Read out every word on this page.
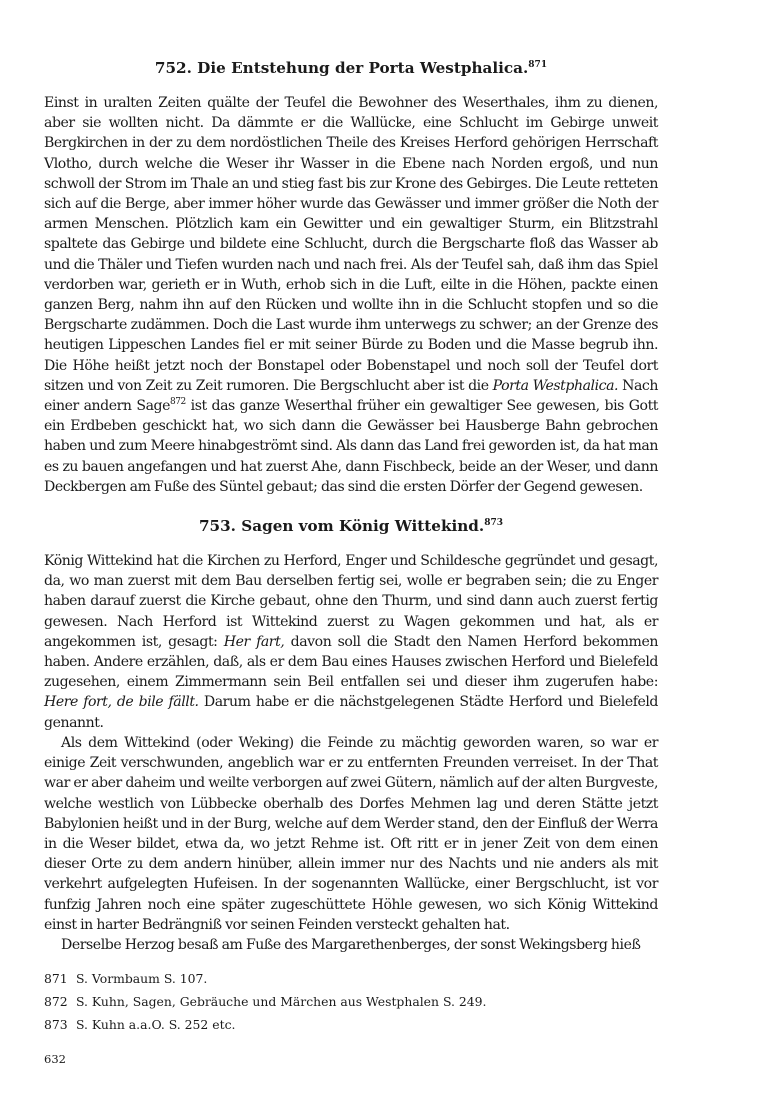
752. Die Entstehung der Porta Westphalica.$^{871}$

Einst in uralten Zeiten quälte der Teufel die Bewohner des Weserthales, ihm zu dienen, aber sie wollten nicht. Da dämmte er die Wallücke, eine Schlucht im Gebirge unweit Bergkirchen in der zu dem nordöstlichen Theile des Kreises Herford gehörigen Herrschaft Vlotho, durch welche die Weser ihr Wasser in die Ebene nach Norden ergoß, und nun schwoll der Strom im Thale an und stieg fast bis zur Krone des Gebirges. Die Leute retteten sich auf die Berge, aber immer höher wurde das Gewässer und immer größer die Noth der armen Menschen. Plötzlich kam ein Gewitter und ein gewaltiger Sturm, ein Blitzstrahl spaltete das Gebirge und bildete eine Schlucht, durch die Bergscharte floß das Wasser ab und die Thäler und Tiefen wurden nach und nach frei. Als der Teufel sah, daß ihm das Spiel verdorben war, gerieth er in Wuth, erhob sich in die Luft, eilte in die Höhen, packte einen ganzen Berg, nahm ihn auf den Rücken und wollte ihn in die Schlucht stopfen und so die Bergscharte zudämmen. Doch die Last wurde ihm unterwegs zu schwer; an der Grenze des heutigen Lippeschen Landes fiel er mit seiner Bürde zu Boden und die Masse begrub ihn. Die Höhe heißt jetzt noch der Bonstapel oder Bobenstapel und noch soll der Teufel dort sitzen und von Zeit zu Zeit rumoren. Die Bergschlucht aber ist die Porta Westphalica. Nach einer andern Sage$^{872}$ ist das ganze Weserthal früher ein gewaltiger See gewesen, bis Gott ein Erdbeben geschickt hat, wo sich dann die Gewässer bei Hausberge Bahn gebrochen haben und zum Meere hinabgeströmt sind. Als dann das Land frei geworden ist, da hat man es zu bauen angefangen und hat zuerst Ahe, dann Fischbeck, beide an der Weser, und dann Deckbergen am Fuße des Süntel gebaut; das sind die ersten Dörfer der Gegend gewesen.

753. Sagen vom König Wittekind.$^{873}$

König Wittekind hat die Kirchen zu Herford, Enger und Schildesche gegründet und gesagt, da, wo man zuerst mit dem Bau derselben fertig sei, wolle er begraben sein; die zu Enger haben darauf zuerst die Kirche gebaut, ohne den Thurm, und sind dann auch zuerst fertig gewesen. Nach Herford ist Wittekind zuerst zu Wagen gekommen und hat, als er angekommen ist, gesagt: Her fart, davon soll die Stadt den Namen Herford bekommen haben. Andere erzählen, daß, als er dem Bau eines Hauses zwischen Herford und Bielefeld zugesehen, einem Zimmermann sein Beil entfallen sei und dieser ihm zugerufen habe: Here fort, de bile fällt. Darum habe er die nächstgelegenen Städte Herford und Bielefeld genannt.

Als dem Wittekind (oder Weking) die Feinde zu mächtig geworden waren, so war er einige Zeit verschwunden, angeblich war er zu entfernten Freunden verreiset. In der That war er aber daheim und weilte verborgen auf zwei Gütern, nämlich auf der alten Burgveste, welche westlich von Lübbecke oberhalb des Dorfes Mehmen lag und deren Stätte jetzt Babylonien heißt und in der Burg, welche auf dem Werder stand, den der Einfluß der Werra in die Weser bildet, etwa da, wo jetzt Rehme ist. Oft ritt er in jener Zeit von dem einen dieser Orte zu dem andern hinüber, allein immer nur des Nachts und nie anders als mit verkehrt aufgelegten Hufeisen. In der sogenannten Wallücke, einer Bergschlucht, ist vor funfzig Jahren noch eine später zugeschüttete Höhle gewesen, wo sich König Wittekind einst in harter Bedrängniß vor seinen Feinden versteckt gehalten hat.

Derselbe Herzog besaß am Fuße des Margarethenberges, der sonst Wekingsberg hieß

871 S. Vormbaum S. 107.
872 S. Kuhn, Sagen, Gebräuche und Märchen aus Westphalen S. 249.
873 S. Kuhn a.a.O. S. 252 etc.
632
